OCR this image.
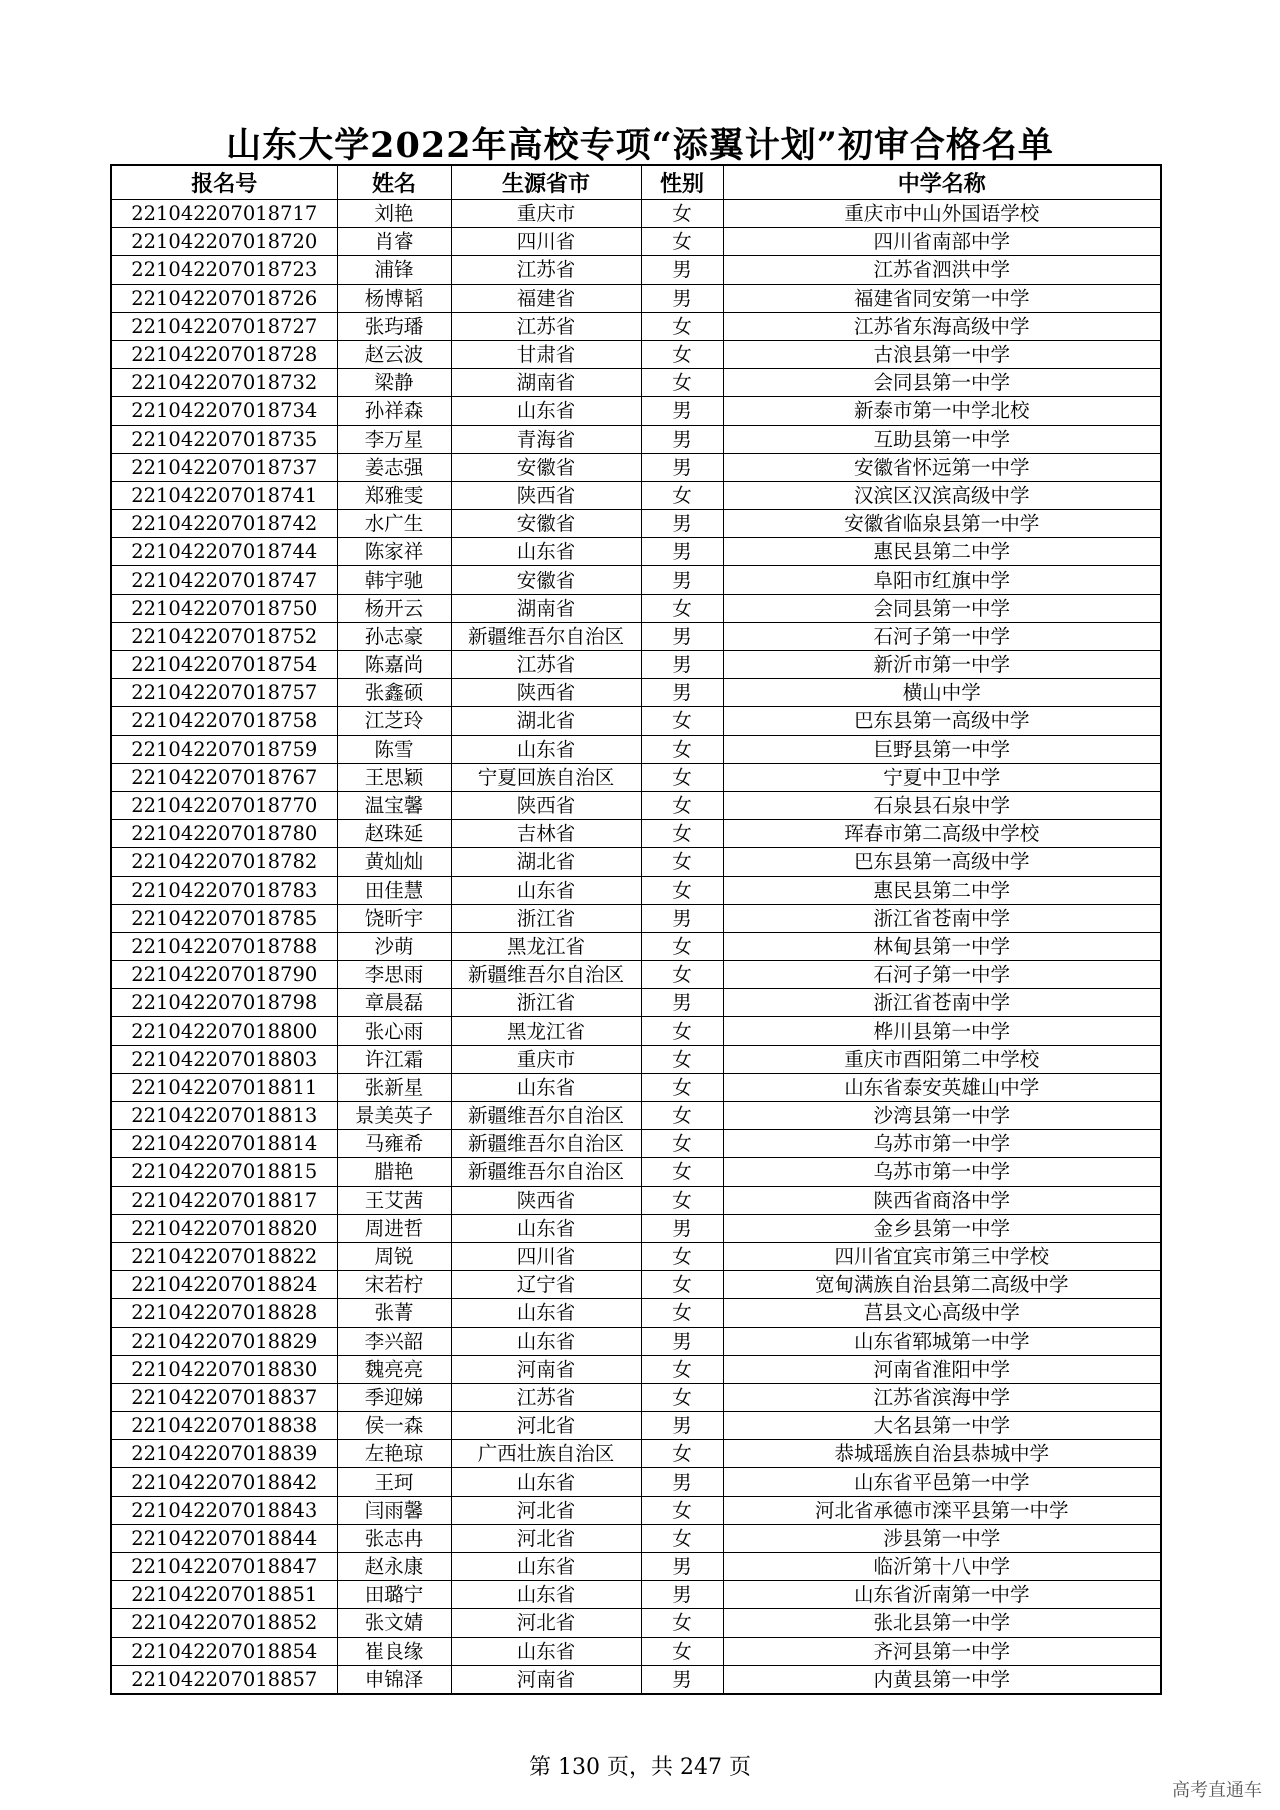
山东大学2022年高校专项“添翼计划”初审合格名单
报名号	姓名	生源省市	性别	中学名称
221042207018717	刘艳	重庆市	女	重庆市中山外国语学校
221042207018720	肖睿	四川省	女	四川省南部中学
221042207018723	浦锋	江苏省	男	江苏省泗洪中学
221042207018726	杨博韬	福建省	男	福建省同安第一中学
221042207018727	张玙璠	江苏省	女	江苏省东海高级中学
221042207018728	赵云波	甘肃省	女	古浪县第一中学
221042207018732	梁静	湖南省	女	会同县第一中学
221042207018734	孙祥森	山东省	男	新泰市第一中学北校
221042207018735	李万星	青海省	男	互助县第一中学
221042207018737	姜志强	安徽省	男	安徽省怀远第一中学
221042207018741	郑雅雯	陕西省	女	汉滨区汉滨高级中学
221042207018742	水广生	安徽省	男	安徽省临泉县第一中学
221042207018744	陈家祥	山东省	男	惠民县第二中学
221042207018747	韩宇驰	安徽省	男	阜阳市红旗中学
221042207018750	杨开云	湖南省	女	会同县第一中学
221042207018752	孙志豪	新疆维吾尔自治区	男	石河子第一中学
221042207018754	陈嘉尚	江苏省	男	新沂市第一中学
221042207018757	张鑫硕	陕西省	男	横山中学
221042207018758	江芝玲	湖北省	女	巴东县第一高级中学
221042207018759	陈雪	山东省	女	巨野县第一中学
221042207018767	王思颖	宁夏回族自治区	女	宁夏中卫中学
221042207018770	温宝馨	陕西省	女	石泉县石泉中学
221042207018780	赵珠延	吉林省	女	珲春市第二高级中学校
221042207018782	黄灿灿	湖北省	女	巴东县第一高级中学
221042207018783	田佳慧	山东省	女	惠民县第二中学
221042207018785	饶昕宇	浙江省	男	浙江省苍南中学
221042207018788	沙萌	黑龙江省	女	林甸县第一中学
221042207018790	李思雨	新疆维吾尔自治区	女	石河子第一中学
221042207018798	章晨磊	浙江省	男	浙江省苍南中学
221042207018800	张心雨	黑龙江省	女	桦川县第一中学
221042207018803	许江霜	重庆市	女	重庆市酉阳第二中学校
221042207018811	张新星	山东省	女	山东省泰安英雄山中学
221042207018813	景美英子	新疆维吾尔自治区	女	沙湾县第一中学
221042207018814	马雍希	新疆维吾尔自治区	女	乌苏市第一中学
221042207018815	腊艳	新疆维吾尔自治区	女	乌苏市第一中学
221042207018817	王艾茜	陕西省	女	陕西省商洛中学
221042207018820	周进哲	山东省	男	金乡县第一中学
221042207018822	周锐	四川省	女	四川省宜宾市第三中学校
221042207018824	宋若柠	辽宁省	女	宽甸满族自治县第二高级中学
221042207018828	张菁	山东省	女	莒县文心高级中学
221042207018829	李兴韶	山东省	男	山东省郓城第一中学
221042207018830	魏亮亮	河南省	女	河南省淮阳中学
221042207018837	季迎娣	江苏省	女	江苏省滨海中学
221042207018838	侯一森	河北省	男	大名县第一中学
221042207018839	左艳琼	广西壮族自治区	女	恭城瑶族自治县恭城中学
221042207018842	王珂	山东省	男	山东省平邑第一中学
221042207018843	闫雨馨	河北省	女	河北省承德市滦平县第一中学
221042207018844	张志冉	河北省	女	涉县第一中学
221042207018847	赵永康	山东省	男	临沂第十八中学
221042207018851	田璐宁	山东省	男	山东省沂南第一中学
221042207018852	张文婧	河北省	女	张北县第一中学
221042207018854	崔良缘	山东省	女	齐河县第一中学
221042207018857	申锦泽	河南省	男	内黄县第一中学
第 130 页，共 247 页
高考直通车
